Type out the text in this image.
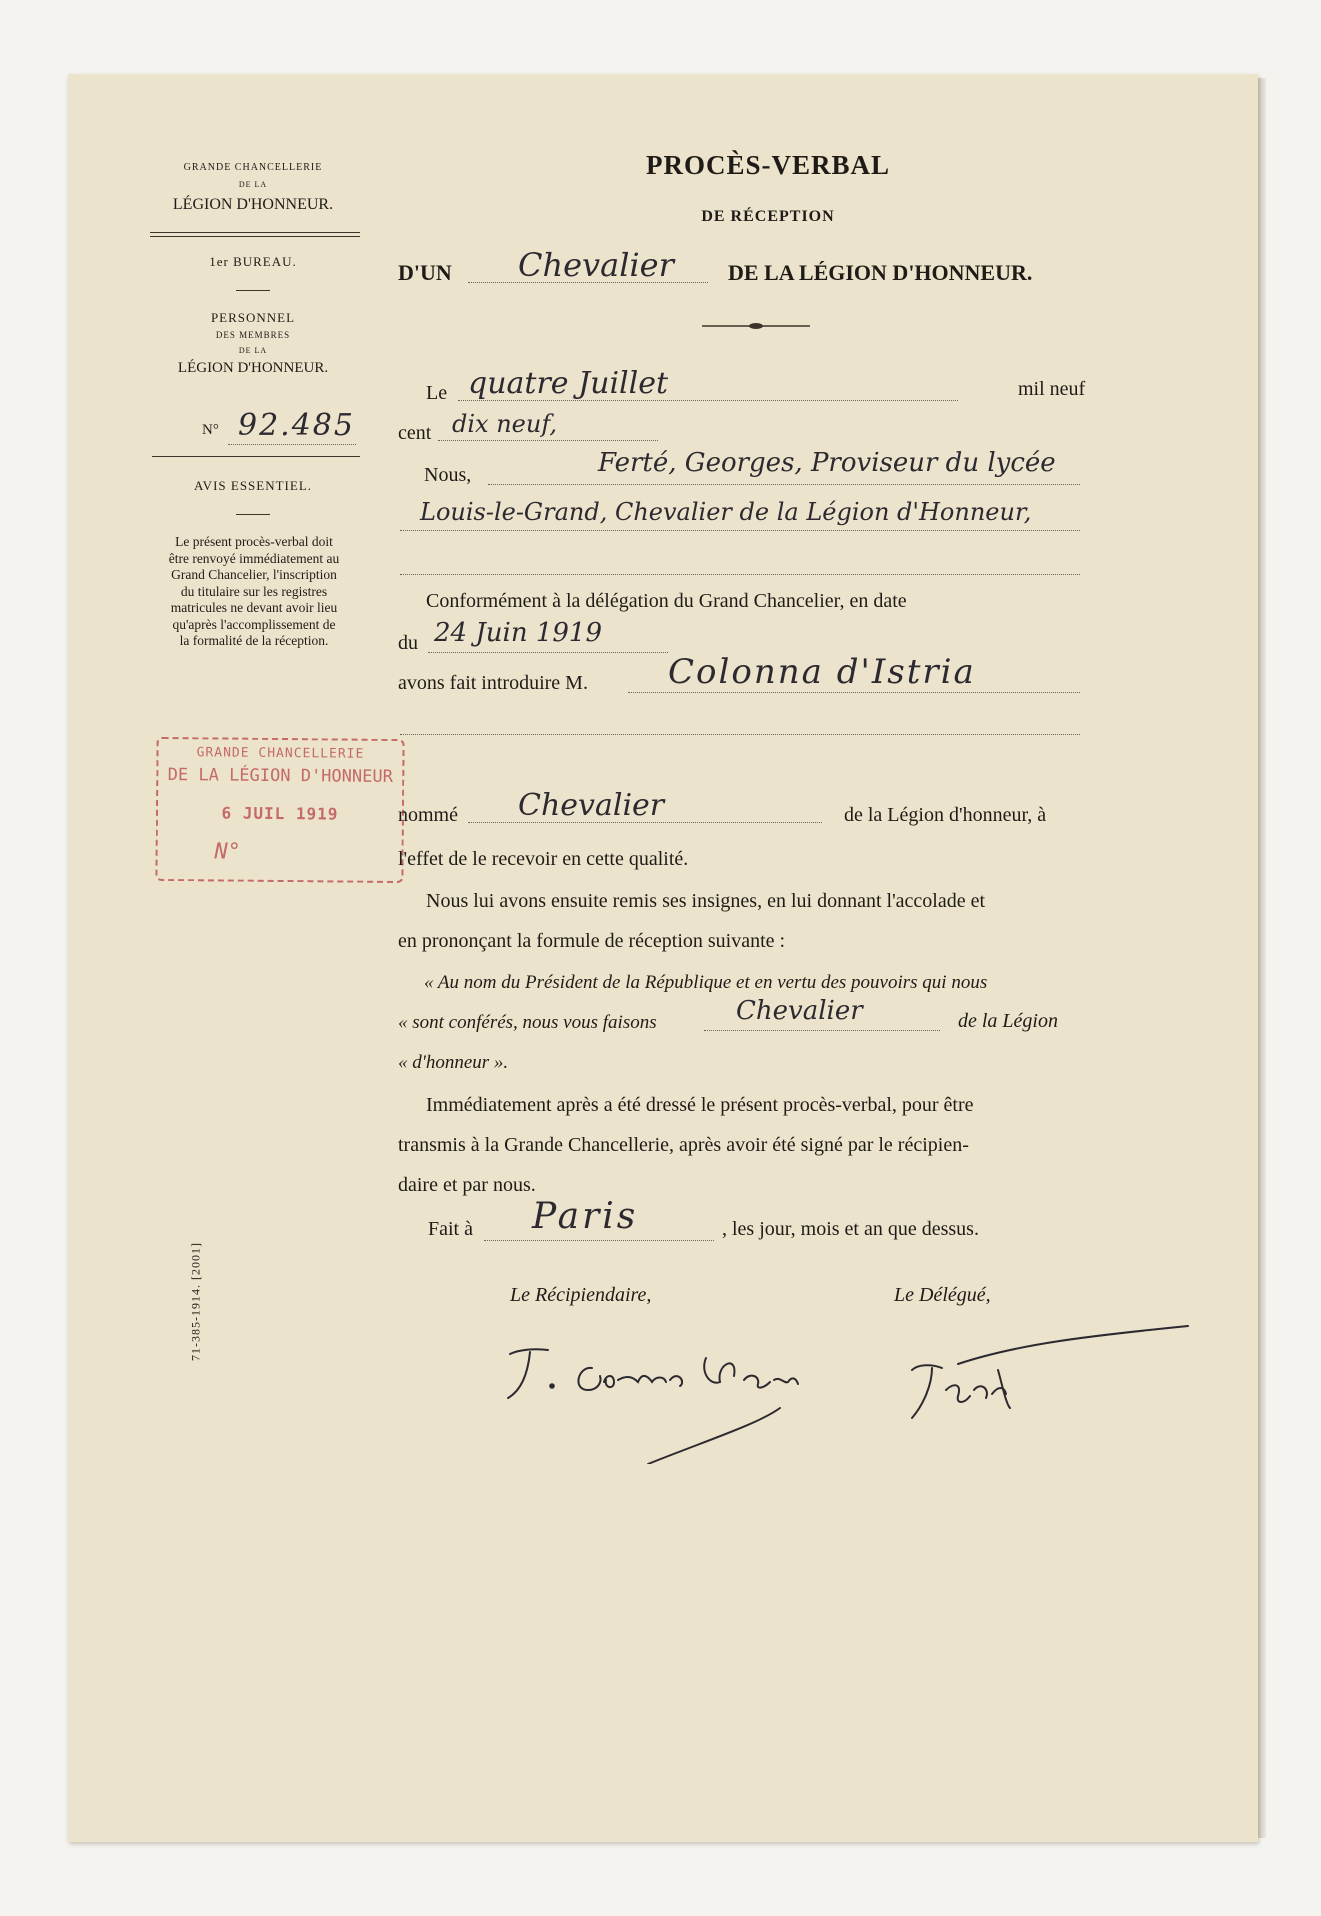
GRANDE CHANCELLERIE
DE LA
LÉGION D'HONNEUR.
1er BUREAU.
PERSONNEL
DES MEMBRES
DE LA
LÉGION D'HONNEUR.
N° 92.485
AVIS ESSENTIEL.
Le présent procès-verbal doit
être renvoyé immédiatement au
Grand Chancelier, l'inscription
du titulaire sur les registres
matricules ne devant avoir lieu
qu'après l'accomplissement de
la formalité de la réception.
GRANDE CHANCELLERIE
DE LA LÉGION D'HONNEUR
6 JUIL 1919
N°
71-385-1914. [2001]
PROCÈS-VERBAL
DE RÉCEPTION
D'UN Chevalier DE LA LÉGION D'HONNEUR.
Le quatre Juillet	mil neuf
cent dix neuf,
Nous,	Ferté, Georges, Proviseur du lycée
Louis-le-Grand, Chevalier de la Légion d'Honneur,
Conformément à la délégation du Grand Chancelier, en date
du 24 Juin 1919
avons fait introduire M. Colonna d'Istria
nommé Chevalier	de la Légion d'honneur, à
l'effet de le recevoir en cette qualité.
Nous lui avons ensuite remis ses insignes, en lui donnant l'accolade et
en prononçant la formule de réception suivante :
« Au nom du Président de la République et en vertu des pouvoirs qui nous
« sont conférés, nous vous faisons	Chevalier	de la Légion
« d'honneur ».
Immédiatement après a été dressé le présent procès-verbal, pour être
transmis à la Grande Chancellerie, après avoir été signé par le récipien-
daire et par nous.
Fait à Paris	, les jour, mois et an que dessus.
Le Récipiendaire,	Le Délégué,
